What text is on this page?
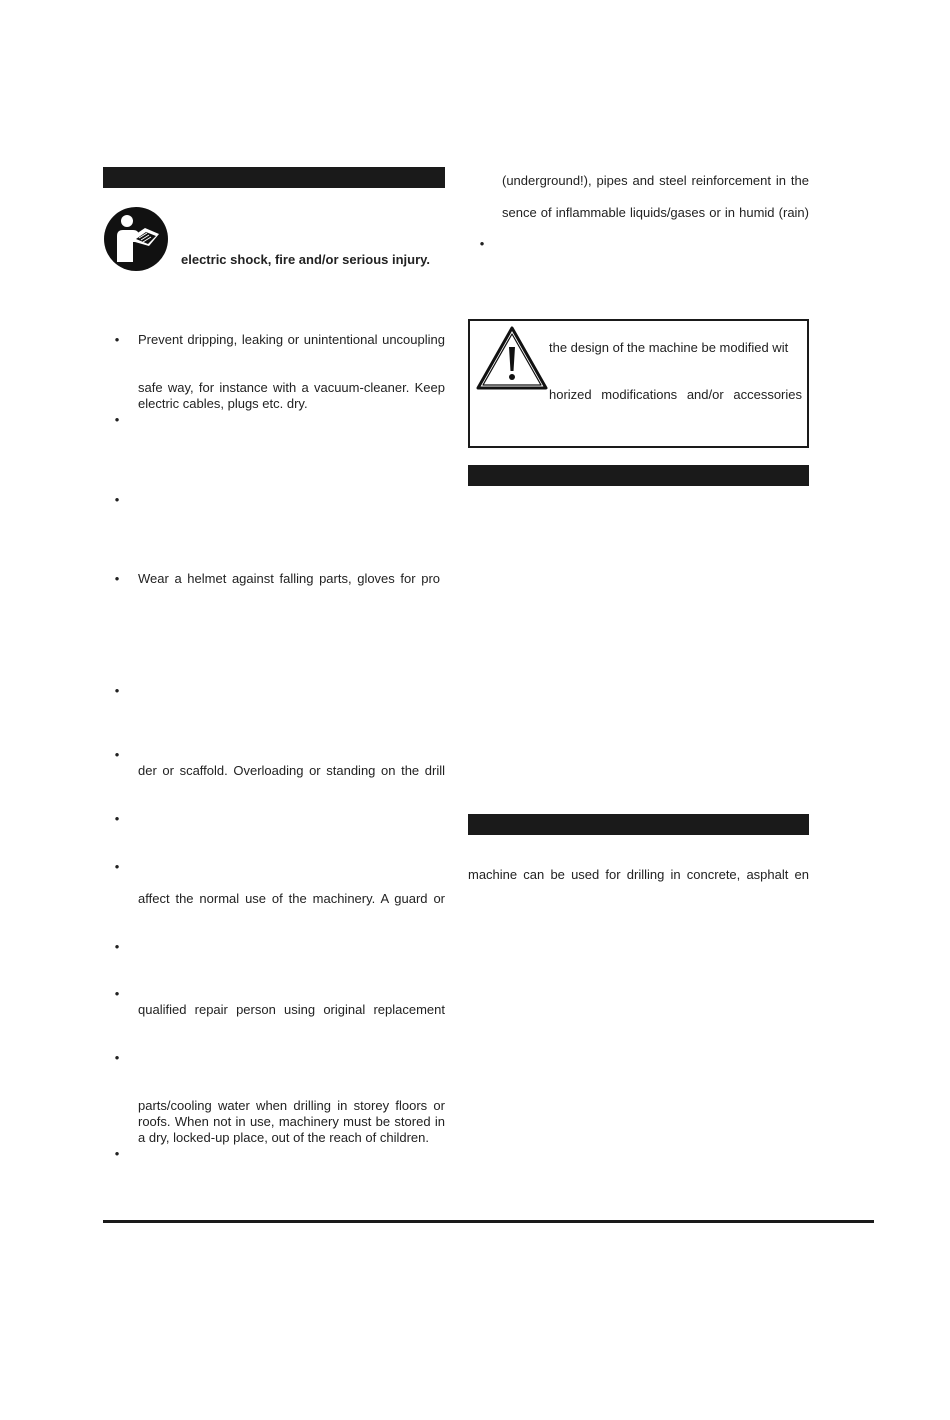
electric shock, fire and/or serious injury.
• Prevent dripping, leaking or unintentional uncoupling
safe way, for instance with a vacuum-cleaner. Keep
electric cables, plugs etc. dry.
•
•
• Wear a helmet against falling parts, gloves for pro
•
•
der or scaffold. Overloading or standing on the drill
•
•
affect the normal use of the machinery. A guard or
•
•
qualified repair person using original replacement
•
parts/cooling water when drilling in storey floors or
roofs. When not in use, machinery must be stored in
a dry, locked-up place, out of the reach of children.
•
(underground!), pipes and steel reinforcement in the
sence of inflammable liquids/gases or in humid (rain)
•
the design of the machine be modified wit
horized modifications and/or accessories
machine can be used for drilling in concrete, asphalt en
